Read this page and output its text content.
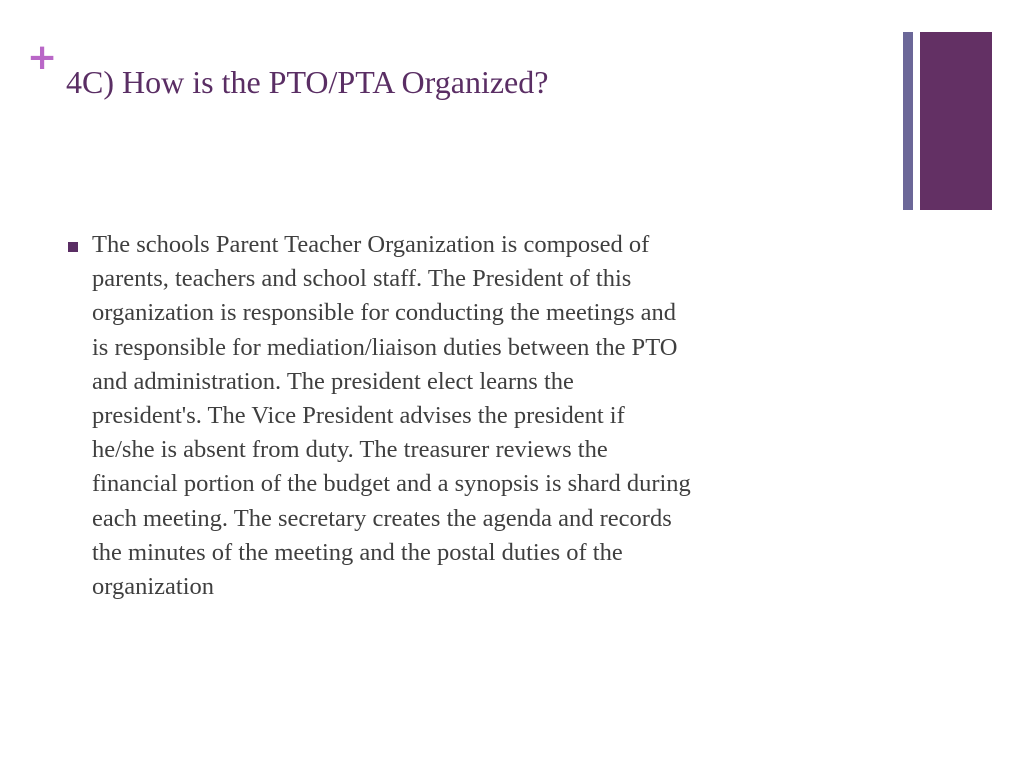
+
4C) How is the PTO/PTA Organized?
The schools Parent Teacher Organization is composed of
parents, teachers and school staff. The President of this
organization is responsible for conducting the meetings and
is responsible for mediation/liaison duties between the PTO
and administration. The president elect learns the
president's. The Vice President advises the president if
he/she is absent from duty. The treasurer reviews the
financial portion of the budget and a synopsis is shard during
each meeting. The secretary creates the agenda and records
the minutes of the meeting and the postal duties of the
organization
